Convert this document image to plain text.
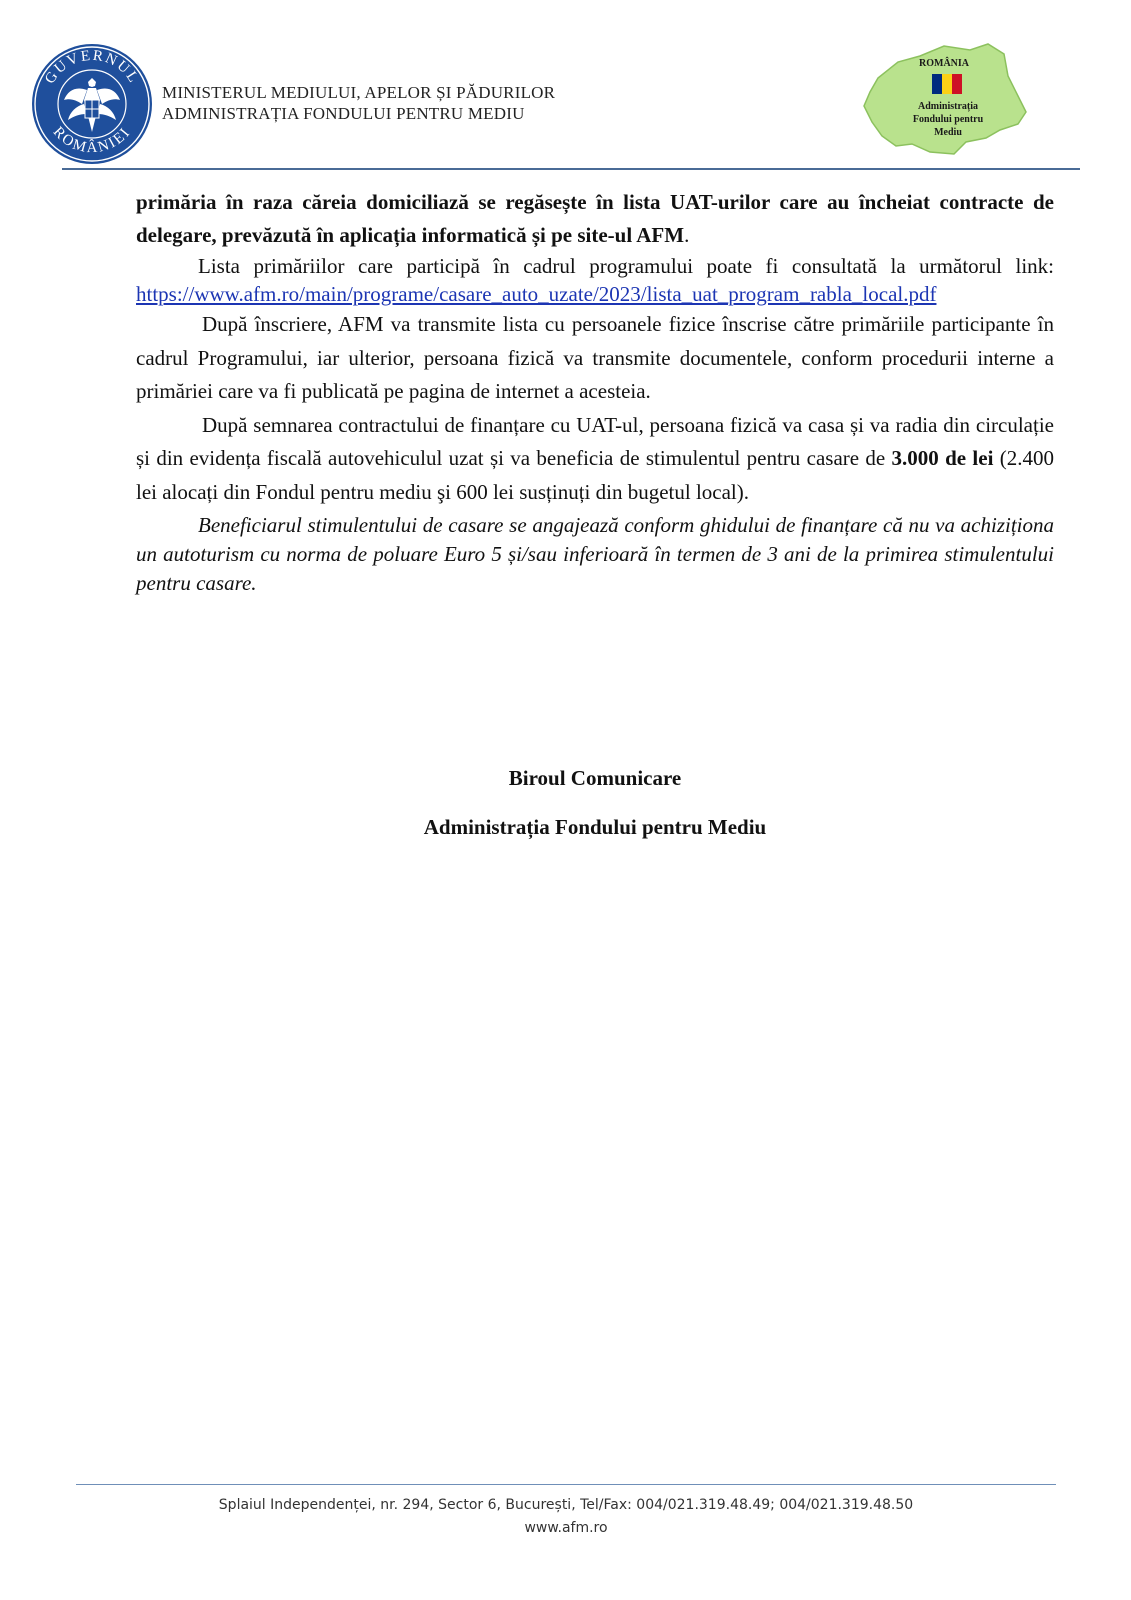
GUVERNUL
ROMÂNIEI
MINISTERUL MEDIULUI, APELOR ȘI PĂDURILOR
ADMINISTRAȚIA FONDULUI PENTRU MEDIU
ROMÂNIA
Administrația Fondului pentru Mediu

primăria în raza căreia domiciliază se regăsește în lista UAT-urilor care au încheiat contracte de delegare, prevăzută în aplicația informatică și pe site-ul AFM.

Lista primăriilor care participă în cadrul programului poate fi consultată la următorul link:

https://www.afm.ro/main/programe/casare_auto_uzate/2023/lista_uat_program_rabla_local.pdf

După înscriere, AFM va transmite lista cu persoanele fizice înscrise către primăriile participante în cadrul Programului, iar ulterior, persoana fizică va transmite documentele, conform procedurii interne a primăriei care va fi publicată pe pagina de internet a acesteia.

După semnarea contractului de finanțare cu UAT-ul, persoana fizică va casa și va radia din circulație și din evidența fiscală autovehiculul uzat și va beneficia de stimulentul pentru casare de 3.000 de lei (2.400 lei alocați din Fondul pentru mediu şi 600 lei susținuți din bugetul local).

Beneficiarul stimulentului de casare se angajează conform ghidului de finanțare că nu va achiziționa un autoturism cu norma de poluare Euro 5 și/sau inferioară în termen de 3 ani de la primirea stimulentului pentru casare.

Biroul Comunicare
Administrația Fondului pentru Mediu
Splaiul Independenței, nr. 294, Sector 6, București, Tel/Fax: 004/021.319.48.49; 004/021.319.48.50
www.afm.ro
